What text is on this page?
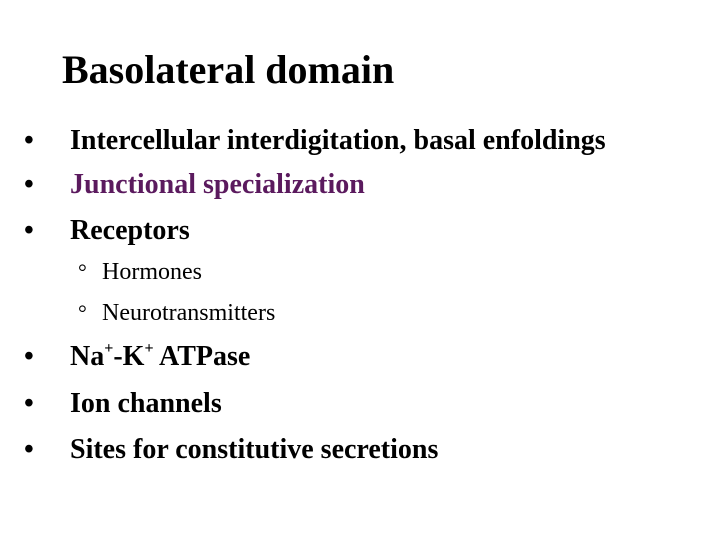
Basolateral domain
• Intercellular interdigitation, basal enfoldings
• Junctional specialization
• Receptors
° Hormones
° Neurotransmitters
• Na+-K+ ATPase
• Ion channels
• Sites for constitutive secretions
